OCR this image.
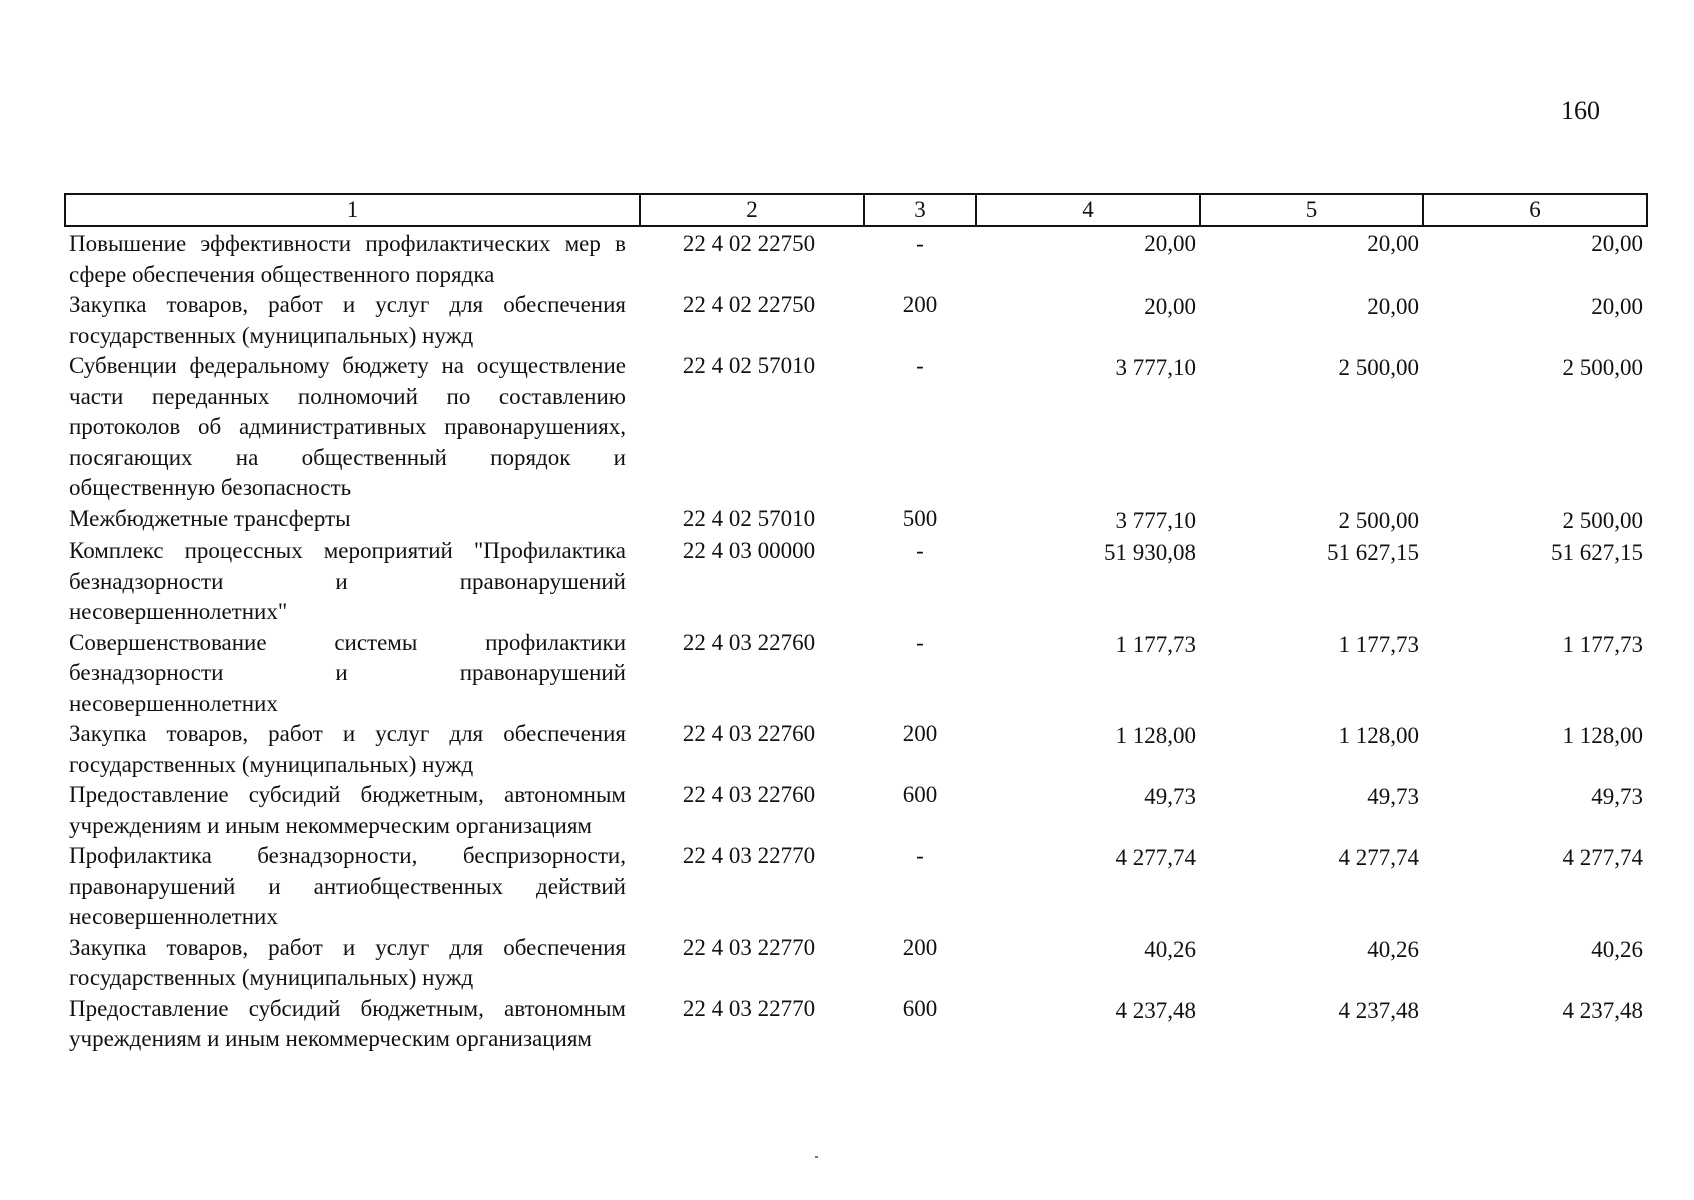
160
1	2	3	4	5	6
Повышение эффективности профилактических мер в сфере обеспечения общественного порядка	22 4 02 22750	-	20,00	20,00	20,00
Закупка товаров, работ и услуг для обеспечения государственных (муниципальных) нужд	22 4 02 22750	200	20,00	20,00	20,00
Субвенции федеральному бюджету на осуществление части переданных полномочий по составлению протоколов об административных правонарушениях, посягающих на общественный порядок и общественную безопасность	22 4 02 57010	-	3 777,10	2 500,00	2 500,00
Межбюджетные трансферты	22 4 02 57010	500	3 777,10	2 500,00	2 500,00
Комплекс процессных мероприятий "Профилактика безнадзорности и правонарушений несовершеннолетних"	22 4 03 00000	-	51 930,08	51 627,15	51 627,15
Совершенствование системы профилактики безнадзорности и правонарушений несовершеннолетних	22 4 03 22760	-	1 177,73	1 177,73	1 177,73
Закупка товаров, работ и услуг для обеспечения государственных (муниципальных) нужд	22 4 03 22760	200	1 128,00	1 128,00	1 128,00
Предоставление субсидий бюджетным, автономным учреждениям и иным некоммерческим организациям	22 4 03 22760	600	49,73	49,73	49,73
Профилактика безнадзорности, беспризорности, правонарушений и антиобщественных действий несовершеннолетних	22 4 03 22770	-	4 277,74	4 277,74	4 277,74
Закупка товаров, работ и услуг для обеспечения государственных (муниципальных) нужд	22 4 03 22770	200	40,26	40,26	40,26
Предоставление субсидий бюджетным, автономным учреждениям и иным некоммерческим организациям	22 4 03 22770	600	4 237,48	4 237,48	4 237,48
